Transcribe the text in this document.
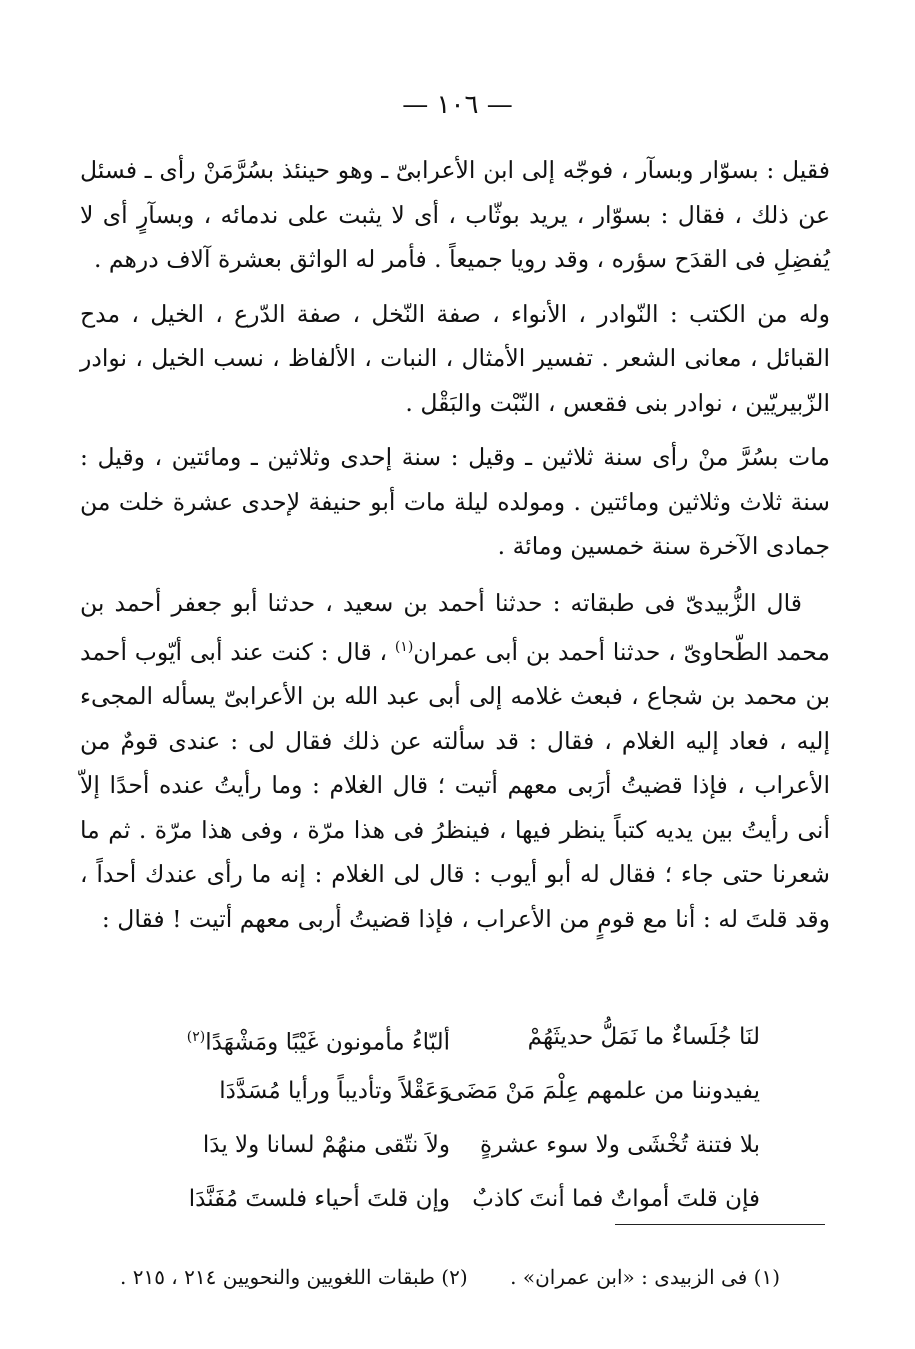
— ١٠٦ —

فقيل : بسوّار وبسآر ، فوجّه إلى ابن الأعرابىّ ـ وهو حينئذ بسُرَّمَنْ رأى ـ فسئل عن ذلك ، فقال : بسوّار ، يريد بوثّاب ، أى لا يثبت على ندمائه ، وبسآرٍ أى لا يُفضِلِ فى القدَح سؤره ، وقد رويا جميعاً . فأمر له الواثق بعشرة آلاف درهم .

وله من الكتب : النّوادر ، الأنواء ، صفة النّخل ، صفة الدّرع ، الخيل ، مدح القبائل ، معانى الشعر . تفسير الأمثال ، النبات ، الألفاظ ، نسب الخيل ، نوادر الزّبيريّين ، نوادر بنى فقعس ، النّبْت والبَقْل .

مات بسُرَّ منْ رأى سنة ثلاثين ـ وقيل : سنة إحدى وثلاثين ـ ومائتين ، وقيل : سنة ثلاث وثلاثين ومائتين . ومولده ليلة مات أبو حنيفة لإحدى عشرة خلت من جمادى الآخرة سنة خمسين ومائة .

قال الزُّبيدىّ فى طبقاته : حدثنا أحمد بن سعيد ، حدثنا أبو جعفر أحمد بن محمد الطّحاوىّ ، حدثنا أحمد بن أبى عمران$^{(١)}$ ، قال : كنت عند أبى أيّوب أحمد بن محمد بن شجاع ، فبعث غلامه إلى أبى عبد الله بن الأعرابىّ يسأله المجىء إليه ، فعاد إليه الغلام ، فقال : قد سألته عن ذلك فقال لى : عندى قومٌ من الأعراب ، فإذا قضيتُ أرَبى معهم أتيت ؛ قال الغلام : وما رأيتُ عنده أحدًا إلاّ أنى رأيتُ بين يديه كتباً ينظر فيها ، فينظرُ فى هذا مرّة ، وفى هذا مرّة . ثم ما شعرنا حتى جاء ؛ فقال له أبو أيوب : قال لى الغلام : إنه ما رأى عندك أحداً ، وقد قلتَ له : أنا مع قومٍ من الأعراب ، فإذا قضيتُ أربى معهم أتيت ! فقال :

لنَا جُلَساءٌ ما نَمَلُّ حديثَهُمْ
ألبّاءُ مأمونون غَيْبًا ومَشْهَدًا$^{(٢)}$
يفيدوننا من علمهم عِلْمَ مَنْ مَضَى
وَعَقْلاً وتأديباً ورأيا مُسَدَّدَا
بلا فتنة تُخْشَى ولا سوء عشرةٍ
ولاَ نتّقى منهُمْ لسانا ولا يدَا
فإن قلتَ أمواتٌ فما أنتَ كاذبٌ
وإن قلتَ أحياء فلستَ مُفَنَّدَا
(١) فى الزبيدى : «ابن عمران» .
(٢) طبقات اللغويين والنحويين ٢١٤ ، ٢١٥ .
